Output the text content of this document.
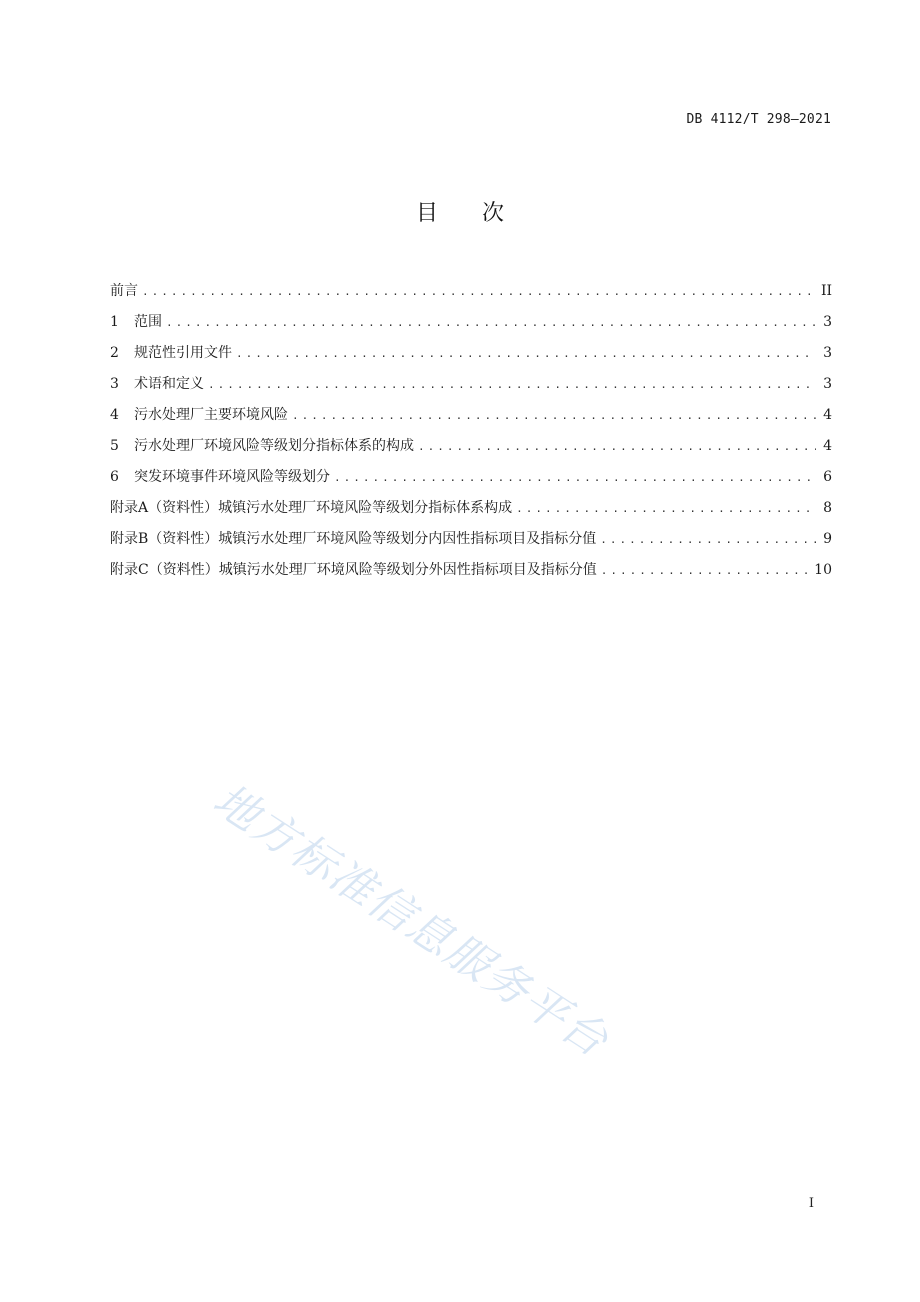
DB 4112/T 298—2021
目 次
前言 .....	II
1	范围 .....	3
2	规范性引用文件 .....	3
3	术语和定义 .....	3
4	污水处理厂主要环境风险 .....	4
5	污水处理厂环境风险等级划分指标体系的构成 .....	4
6	突发环境事件环境风险等级划分 .....	6
附录A（资料性）城镇污水处理厂环境风险等级划分指标体系构成 .....	8
附录B（资料性）城镇污水处理厂环境风险等级划分内因性指标项目及指标分值 .....	9
附录C（资料性）城镇污水处理厂环境风险等级划分外因性指标项目及指标分值 .....	10
地方标准信息服务平台
I
